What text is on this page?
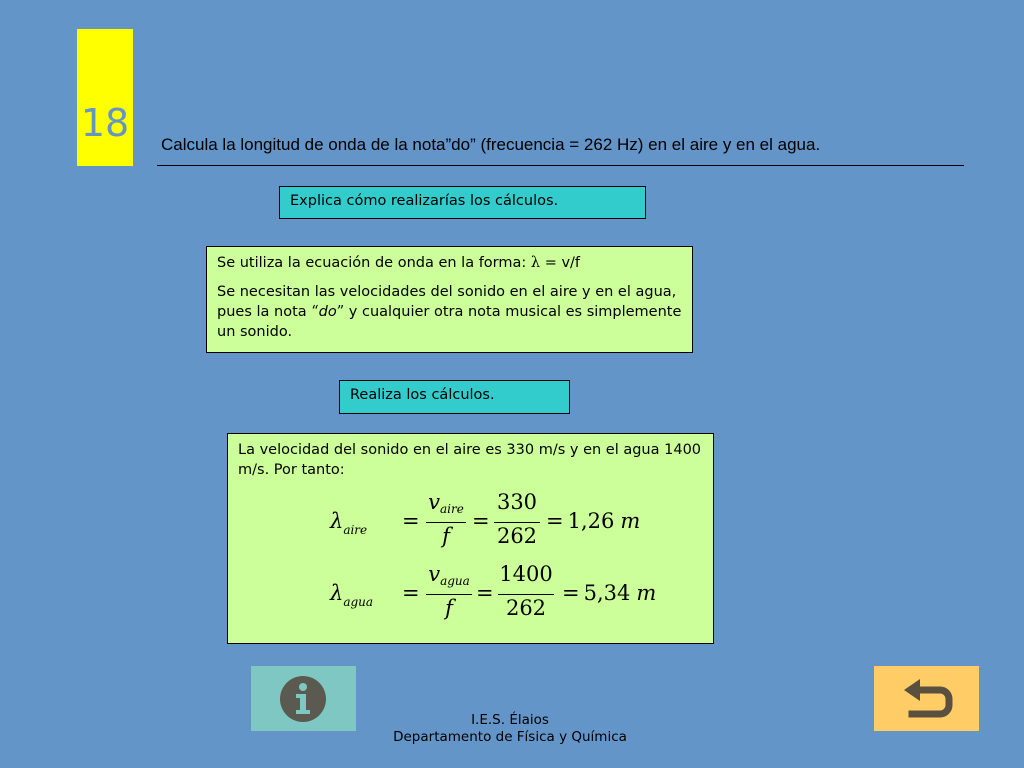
18 Calcula la longitud de onda de la nota”do” (frecuencia = 262 Hz) en el aire y en el agua.
Explica cómo realizarías los cálculos.

Se utiliza la ecuación de onda en la forma: λ = v/f

Se necesitan las velocidades del sonido en el aire y en el agua, pues la nota “do” y cualquier otra nota musical es simplemente un sonido.

Realiza los cálculos.

La velocidad del sonido en el aire es 330 m/s y en el agua 1400 m/s. Por tanto:

$\lambda_{aire}$ =
vaire
f
=
330
262
= 1,26 m
$\lambda_{agua}$ =
vagua
f
=
1400
262
= 5,34 m
I.E.S. Élaios
Departamento de Física y Química
